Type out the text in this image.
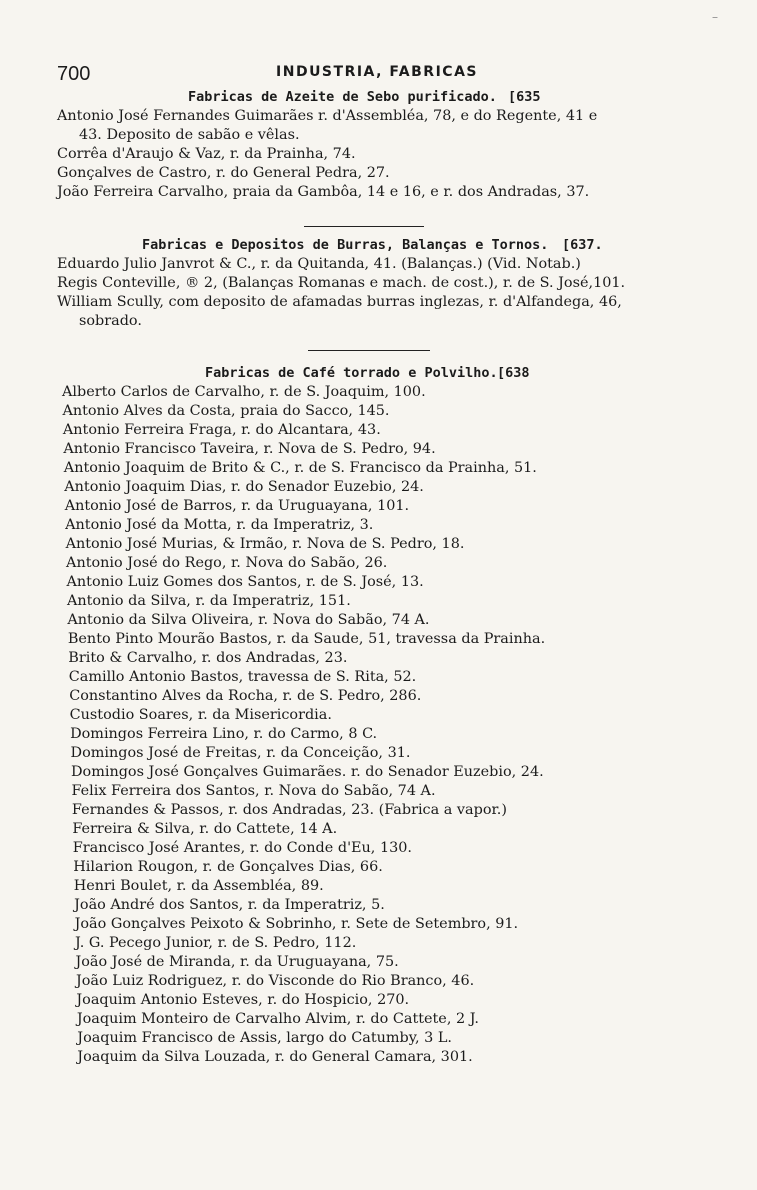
700	INDUSTRIA, FABRICAS
Fabricas de Azeite de Sebo purificado. [635
Antonio José Fernandes Guimarães r. d'Assembléa, 78, e do Regente, 41 e
43. Deposito de sabão e vêlas.
Corrêa d'Araujo & Vaz, r. da Prainha, 74.
Gonçalves de Castro, r. do General Pedra, 27.
João Ferreira Carvalho, praia da Gambôa, 14 e 16, e r. dos Andradas, 37.
Fabricas e Depositos de Burras, Balanças e Tornos. [637.
Eduardo Julio Janvrot & C., r. da Quitanda, 41. (Balanças.) (Vid. Notab.)
Regis Conteville, ® 2, (Balanças Romanas e mach. de cost.), r. de S. José,101.
William Scully, com deposito de afamadas burras inglezas, r. d'Alfandega, 46,
sobrado.
Fabricas de Café torrado e Polvilho. [638
Alberto Carlos de Carvalho, r. de S. Joaquim, 100.
Antonio Alves da Costa, praia do Sacco, 145.
Antonio Ferreira Fraga, r. do Alcantara, 43.
Antonio Francisco Taveira, r. Nova de S. Pedro, 94.
Antonio Joaquim de Brito & C., r. de S. Francisco da Prainha, 51.
Antonio Joaquim Dias, r. do Senador Euzebio, 24.
Antonio José de Barros, r. da Uruguayana, 101.
Antonio José da Motta, r. da Imperatriz, 3.
Antonio José Murias, & Irmão, r. Nova de S. Pedro, 18.
Antonio José do Rego, r. Nova do Sabão, 26.
Antonio Luiz Gomes dos Santos, r. de S. José, 13.
Antonio da Silva, r. da Imperatriz, 151.
Antonio da Silva Oliveira, r. Nova do Sabão, 74 A.
Bento Pinto Mourão Bastos, r. da Saude, 51, travessa da Prainha.
Brito & Carvalho, r. dos Andradas, 23.
Camillo Antonio Bastos, travessa de S. Rita, 52.
Constantino Alves da Rocha, r. de S. Pedro, 286.
Custodio Soares, r. da Misericordia.
Domingos Ferreira Lino, r. do Carmo, 8 C.
Domingos José de Freitas, r. da Conceição, 31.
Domingos José Gonçalves Guimarães. r. do Senador Euzebio, 24.
Felix Ferreira dos Santos, r. Nova do Sabão, 74 A.
Fernandes & Passos, r. dos Andradas, 23. (Fabrica a vapor.)
Ferreira & Silva, r. do Cattete, 14 A.
Francisco José Arantes, r. do Conde d'Eu, 130.
Hilarion Rougon, r. de Gonçalves Dias, 66.
Henri Boulet, r. da Assembléa, 89.
João André dos Santos, r. da Imperatriz, 5.
João Gonçalves Peixoto & Sobrinho, r. Sete de Setembro, 91.
J. G. Pecego Junior, r. de S. Pedro, 112.
João José de Miranda, r. da Uruguayana, 75.
João Luiz Rodriguez, r. do Visconde do Rio Branco, 46.
Joaquim Antonio Esteves, r. do Hospicio, 270.
Joaquim Monteiro de Carvalho Alvim, r. do Cattete, 2 J.
Joaquim Francisco de Assis, largo do Catumby, 3 L.
Joaquim da Silva Louzada, r. do General Camara, 301.
–
